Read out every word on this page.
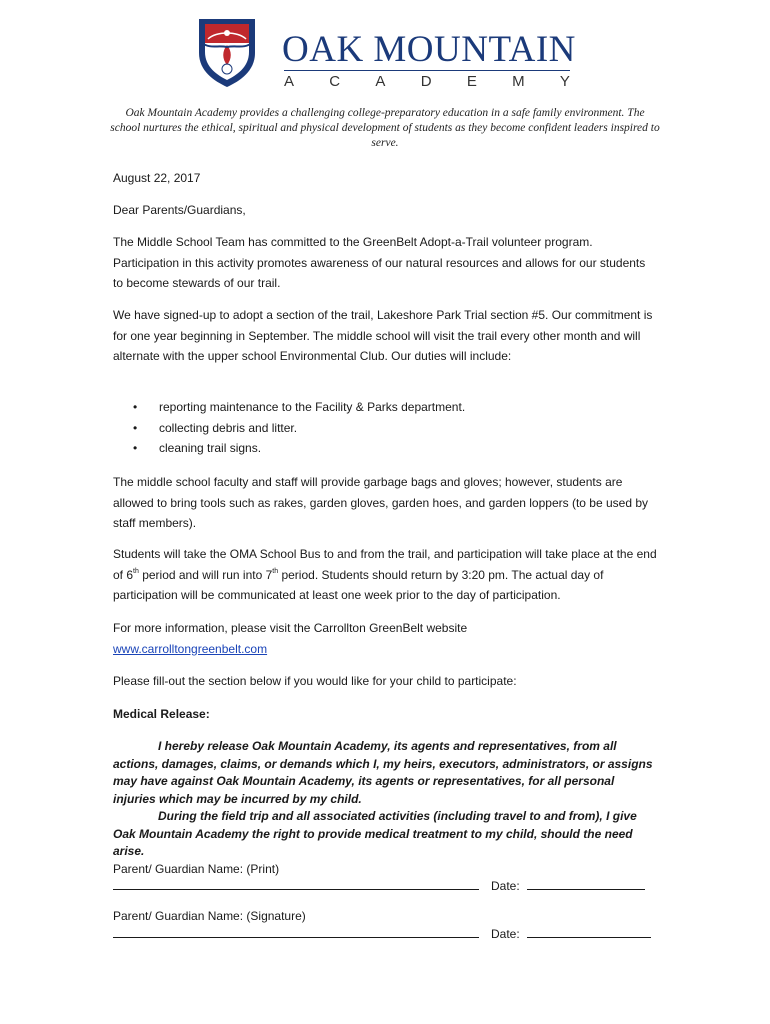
OAK MOUNTAIN
A C A D E M Y
Oak Mountain Academy provides a challenging college-preparatory education in a safe family environment. The school nurtures the ethical, spiritual and physical development of students as they become confident leaders inspired to serve.
August 22, 2017
Dear Parents/Guardians,
The Middle School Team has committed to the GreenBelt Adopt-a-Trail volunteer program. Participation in this activity promotes awareness of our natural resources and allows for our students to become stewards of our trail.
We have signed-up to adopt a section of the trail, Lakeshore Park Trial section #5. Our commitment is for one year beginning in September. The middle school will visit the trail every other month and will alternate with the upper school Environmental Club. Our duties will include:
• reporting maintenance to the Facility & Parks department.
• collecting debris and litter.
• cleaning trail signs.
The middle school faculty and staff will provide garbage bags and gloves; however, students are allowed to bring tools such as rakes, garden gloves, garden hoes, and garden loppers (to be used by staff members).
Students will take the OMA School Bus to and from the trail, and participation will take place at the end of 6th period and will run into 7th period. Students should return by 3:20 pm. The actual day of participation will be communicated at least one week prior to the day of participation.
For more information, please visit the Carrollton GreenBelt website
www.carrolltongreenbelt.com
Please fill-out the section below if you would like for your child to participate:
Medical Release:
I hereby release Oak Mountain Academy, its agents and representatives, from all actions, damages, claims, or demands which I, my heirs, executors, administrators, or assigns may have against Oak Mountain Academy, its agents or representatives, for all personal injuries which may be incurred by my child.
During the field trip and all associated activities (including travel to and from), I give Oak Mountain Academy the right to provide medical treatment to my child, should the need arise.
Parent/ Guardian Name: (Print)
Date:
Parent/ Guardian Name: (Signature)
Date:
